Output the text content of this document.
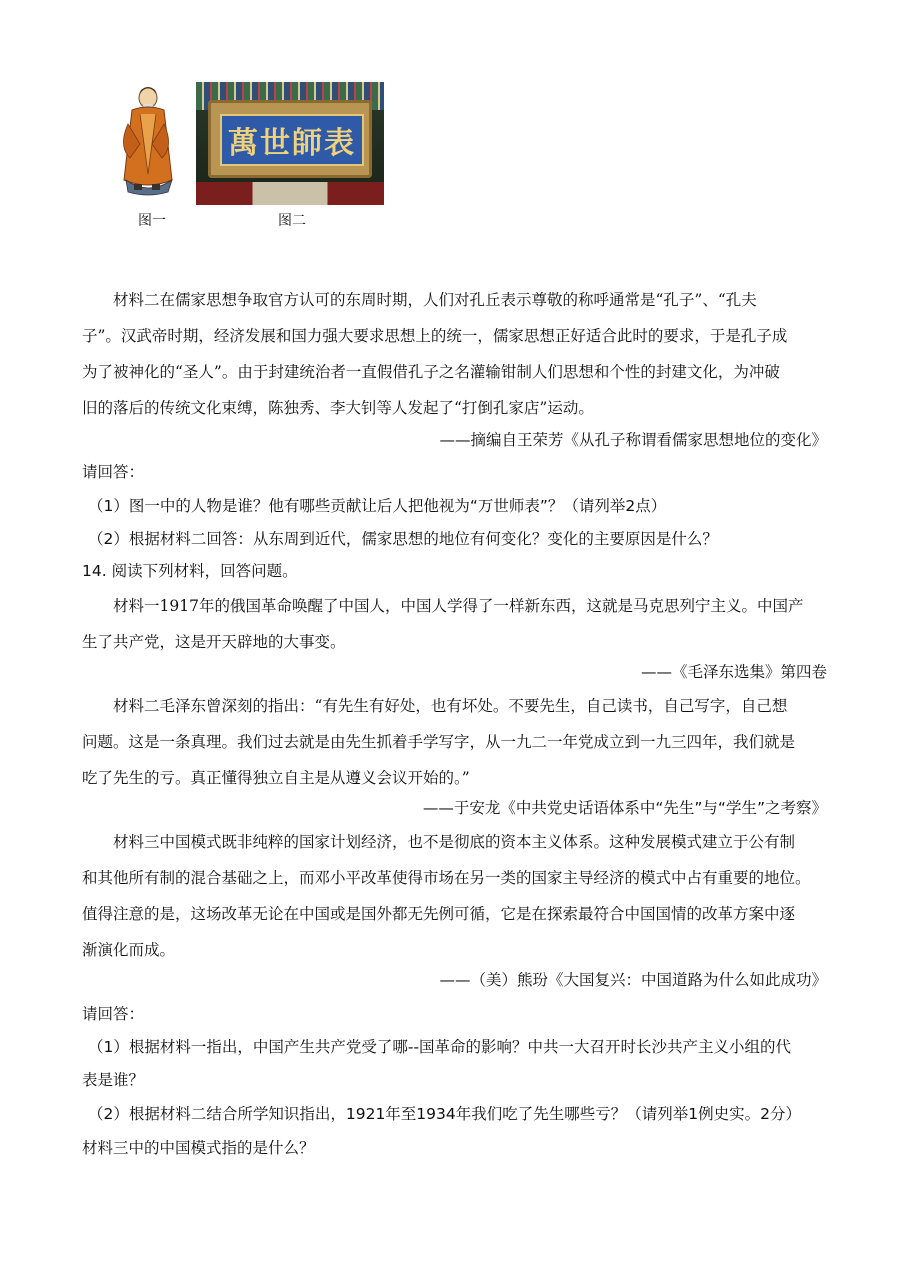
萬世師表
图一	图二
材料二在儒家思想争取官方认可的东周时期，人们对孔丘表示尊敬的称呼通常是“孔子”、“孔夫
子”。汉武帝时期，经济发展和国力强大要求思想上的统一，儒家思想正好适合此时的要求，于是孔子成
为了被神化的“圣人”。由于封建统治者一直假借孔子之名灌输钳制人们思想和个性的封建文化，为冲破
旧的落后的传统文化束缚，陈独秀、李大钊等人发起了“打倒孔家店”运动。
——摘编自王荣芳《从孔子称谓看儒家思想地位的变化》
请回答：
（1）图一中的人物是谁？他有哪些贡献让后人把他视为“万世师表”？（请列举2点）
（2）根据材料二回答：从东周到近代，儒家思想的地位有何变化？变化的主要原因是什么？
14. 阅读下列材料，回答问题。
材料一1917年的俄国革命唤醒了中国人，中国人学得了一样新东西，这就是马克思列宁主义。中国产
生了共产党，这是开天辟地的大事变。
——《毛泽东选集》第四卷
材料二毛泽东曾深刻的指出：“有先生有好处，也有坏处。不要先生，自己读书，自己写字，自己想
问题。这是一条真理。我们过去就是由先生抓着手学写字，从一九二一年党成立到一九三四年，我们就是
吃了先生的亏。真正懂得独立自主是从遵义会议开始的。”
——于安龙《中共党史话语体系中“先生”与“学生”之考察》
材料三中国模式既非纯粹的国家计划经济，也不是彻底的资本主义体系。这种发展模式建立于公有制
和其他所有制的混合基础之上，而邓小平改革使得市场在另一类的国家主导经济的模式中占有重要的地位。
值得注意的是，这场改革无论在中国或是国外都无先例可循，它是在探索最符合中国国情的改革方案中逐
渐演化而成。
——（美）熊玢《大国复兴：中国道路为什么如此成功》
请回答：
（1）根据材料一指出，中国产生共产党受了哪--国革命的影响？中共一大召开时长沙共产主义小组的代
表是谁？
（2）根据材料二结合所学知识指出，1921年至1934年我们吃了先生哪些亏？（请列举1例史实。2分）
材料三中的中国模式指的是什么？
